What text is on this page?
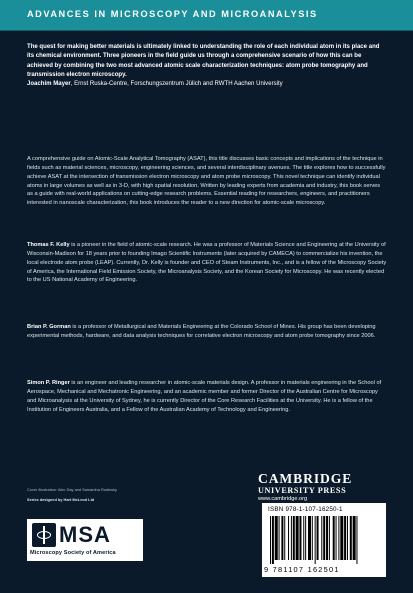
ADVANCES IN MICROSCOPY AND MICROANALYSIS
The quest for making better materials is ultimately linked to understanding the role of each individual atom in its place and its chemical environment. Three pioneers in the field guide us through a comprehensive scenario of how this can be achieved by combining the two most advanced atomic scale characterization techniques: atom probe tomography and transmission electron microscopy.
Joachim Mayer, Ernst Ruska-Centre, Forschungszentrum Jülich and RWTH Aachen University
A comprehensive guide on Atomic-Scale Analytical Tomography (ASAT), this title discusses basic concepts and implications of the technique in fields such as material sciences, microscopy, engineering sciences, and several interdisciplinary avenues. The title explores how to successfully achieve ASAT at the intersection of transmission electron microscopy and atom probe microscopy. This novel technique can identify individual atoms in large volumes as well as in 3-D, with high spatial resolution. Written by leading experts from academia and industry, this book serves as a guide with real-world applications on cutting-edge research problems. Essential reading for researchers, engineers, and practitioners interested in nanoscale characterization, this book introduces the reader to a new direction for atomic-scale microscopy.
Thomas F. Kelly is a pioneer in the field of atomic-scale research. He was a professor of Materials Science and Engineering at the University of Wisconsin-Madison for 18 years prior to founding Imago Scientific Instruments (later acquired by CAMECA) to commercialize his invention, the local electrode atom probe (LEAP). Currently, Dr. Kelly is founder and CEO of Steam Instruments, Inc., and is a fellow of the Microscopy Society of America, the International Field Emission Society, the Microanalysis Society, and the Korean Society for Microscopy. He was recently elected to the US National Academy of Engineering.
Brian P. Gorman is a professor of Metallurgical and Materials Engineering at the Colorado School of Mines. His group has been developing experimental methods, hardware, and data analysis techniques for correlative electron microscopy and atom probe tomography since 2006.
Simon P. Ringer is an engineer and leading researcher in atomic-scale materials design. A professor in materials engineering in the School of Aerospace, Mechanical and Mechatronic Engineering, and an academic member and former Director of the Australian Centre for Microscopy and Microanalysis at the University of Sydney, he is currently Director of the Core Research Facilities at the University. He is a fellow of the Institution of Engineers Australia, and a Fellow of the Australian Academy of Technology and Engineering.
Cover illustration: Alec Day and Samantha Rudinsky
Series designed by Hart McLeod Ltd
MSA
Microscopy Society of America
CAMBRIDGE
UNIVERSITY PRESS
www.cambridge.org
ISBN 978-1-107-16250-1
9 781107 162501
